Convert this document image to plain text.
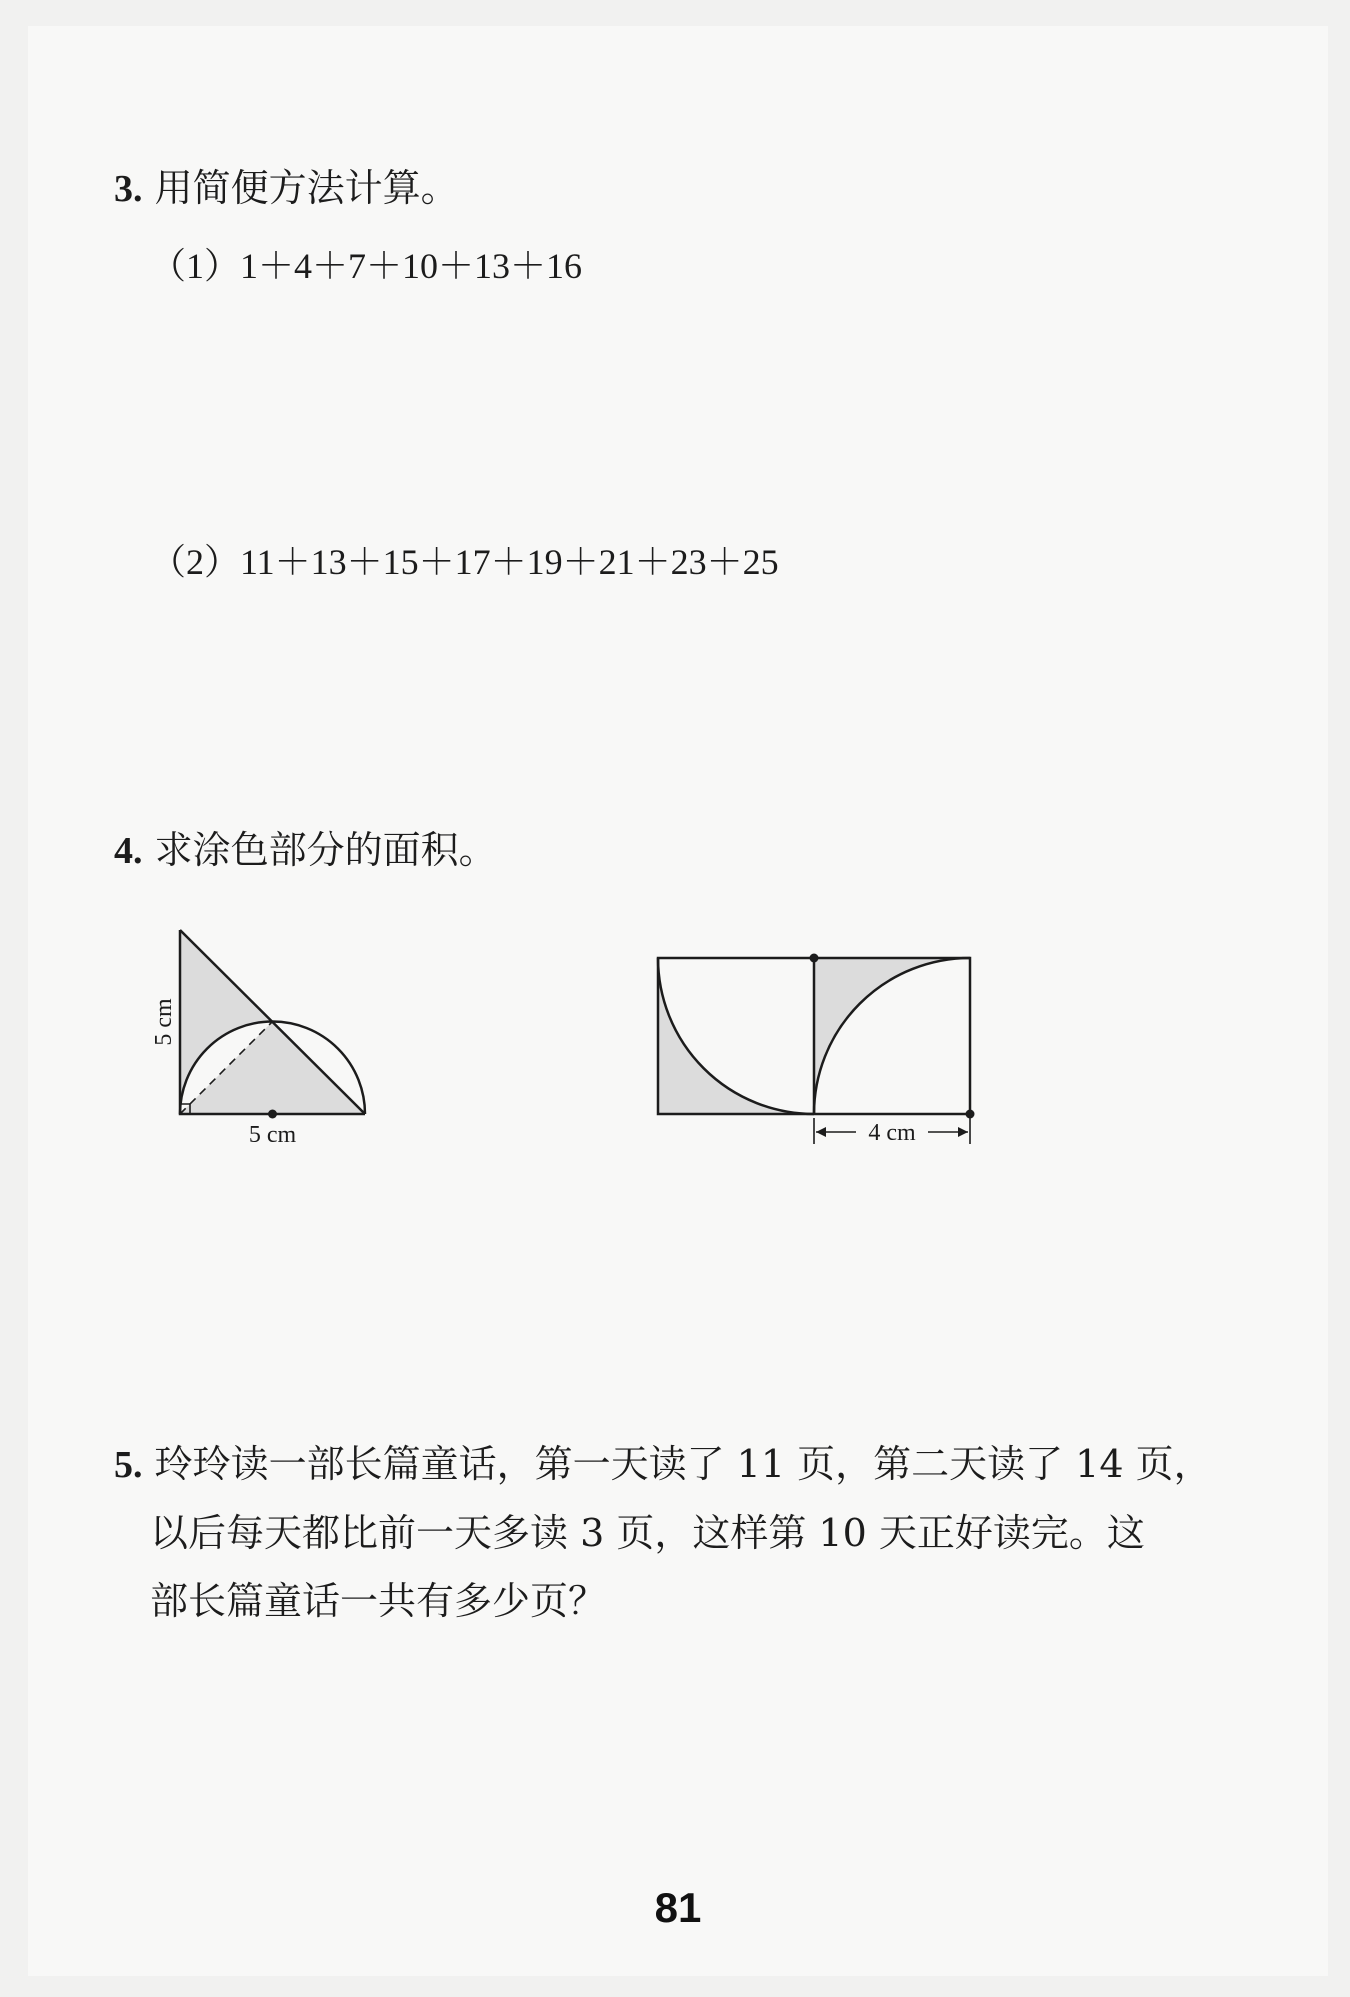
3. 用简便方法计算。
（1）1＋4＋7＋10＋13＋16
（2）11＋13＋15＋17＋19＋21＋23＋25
4. 求涂色部分的面积。
5 cm
5 cm	4 cm
5. 玲玲读一部长篇童话，第一天读了 11 页，第二天读了 14 页，
以后每天都比前一天多读 3 页，这样第 10 天正好读完。这
部长篇童话一共有多少页？
81
